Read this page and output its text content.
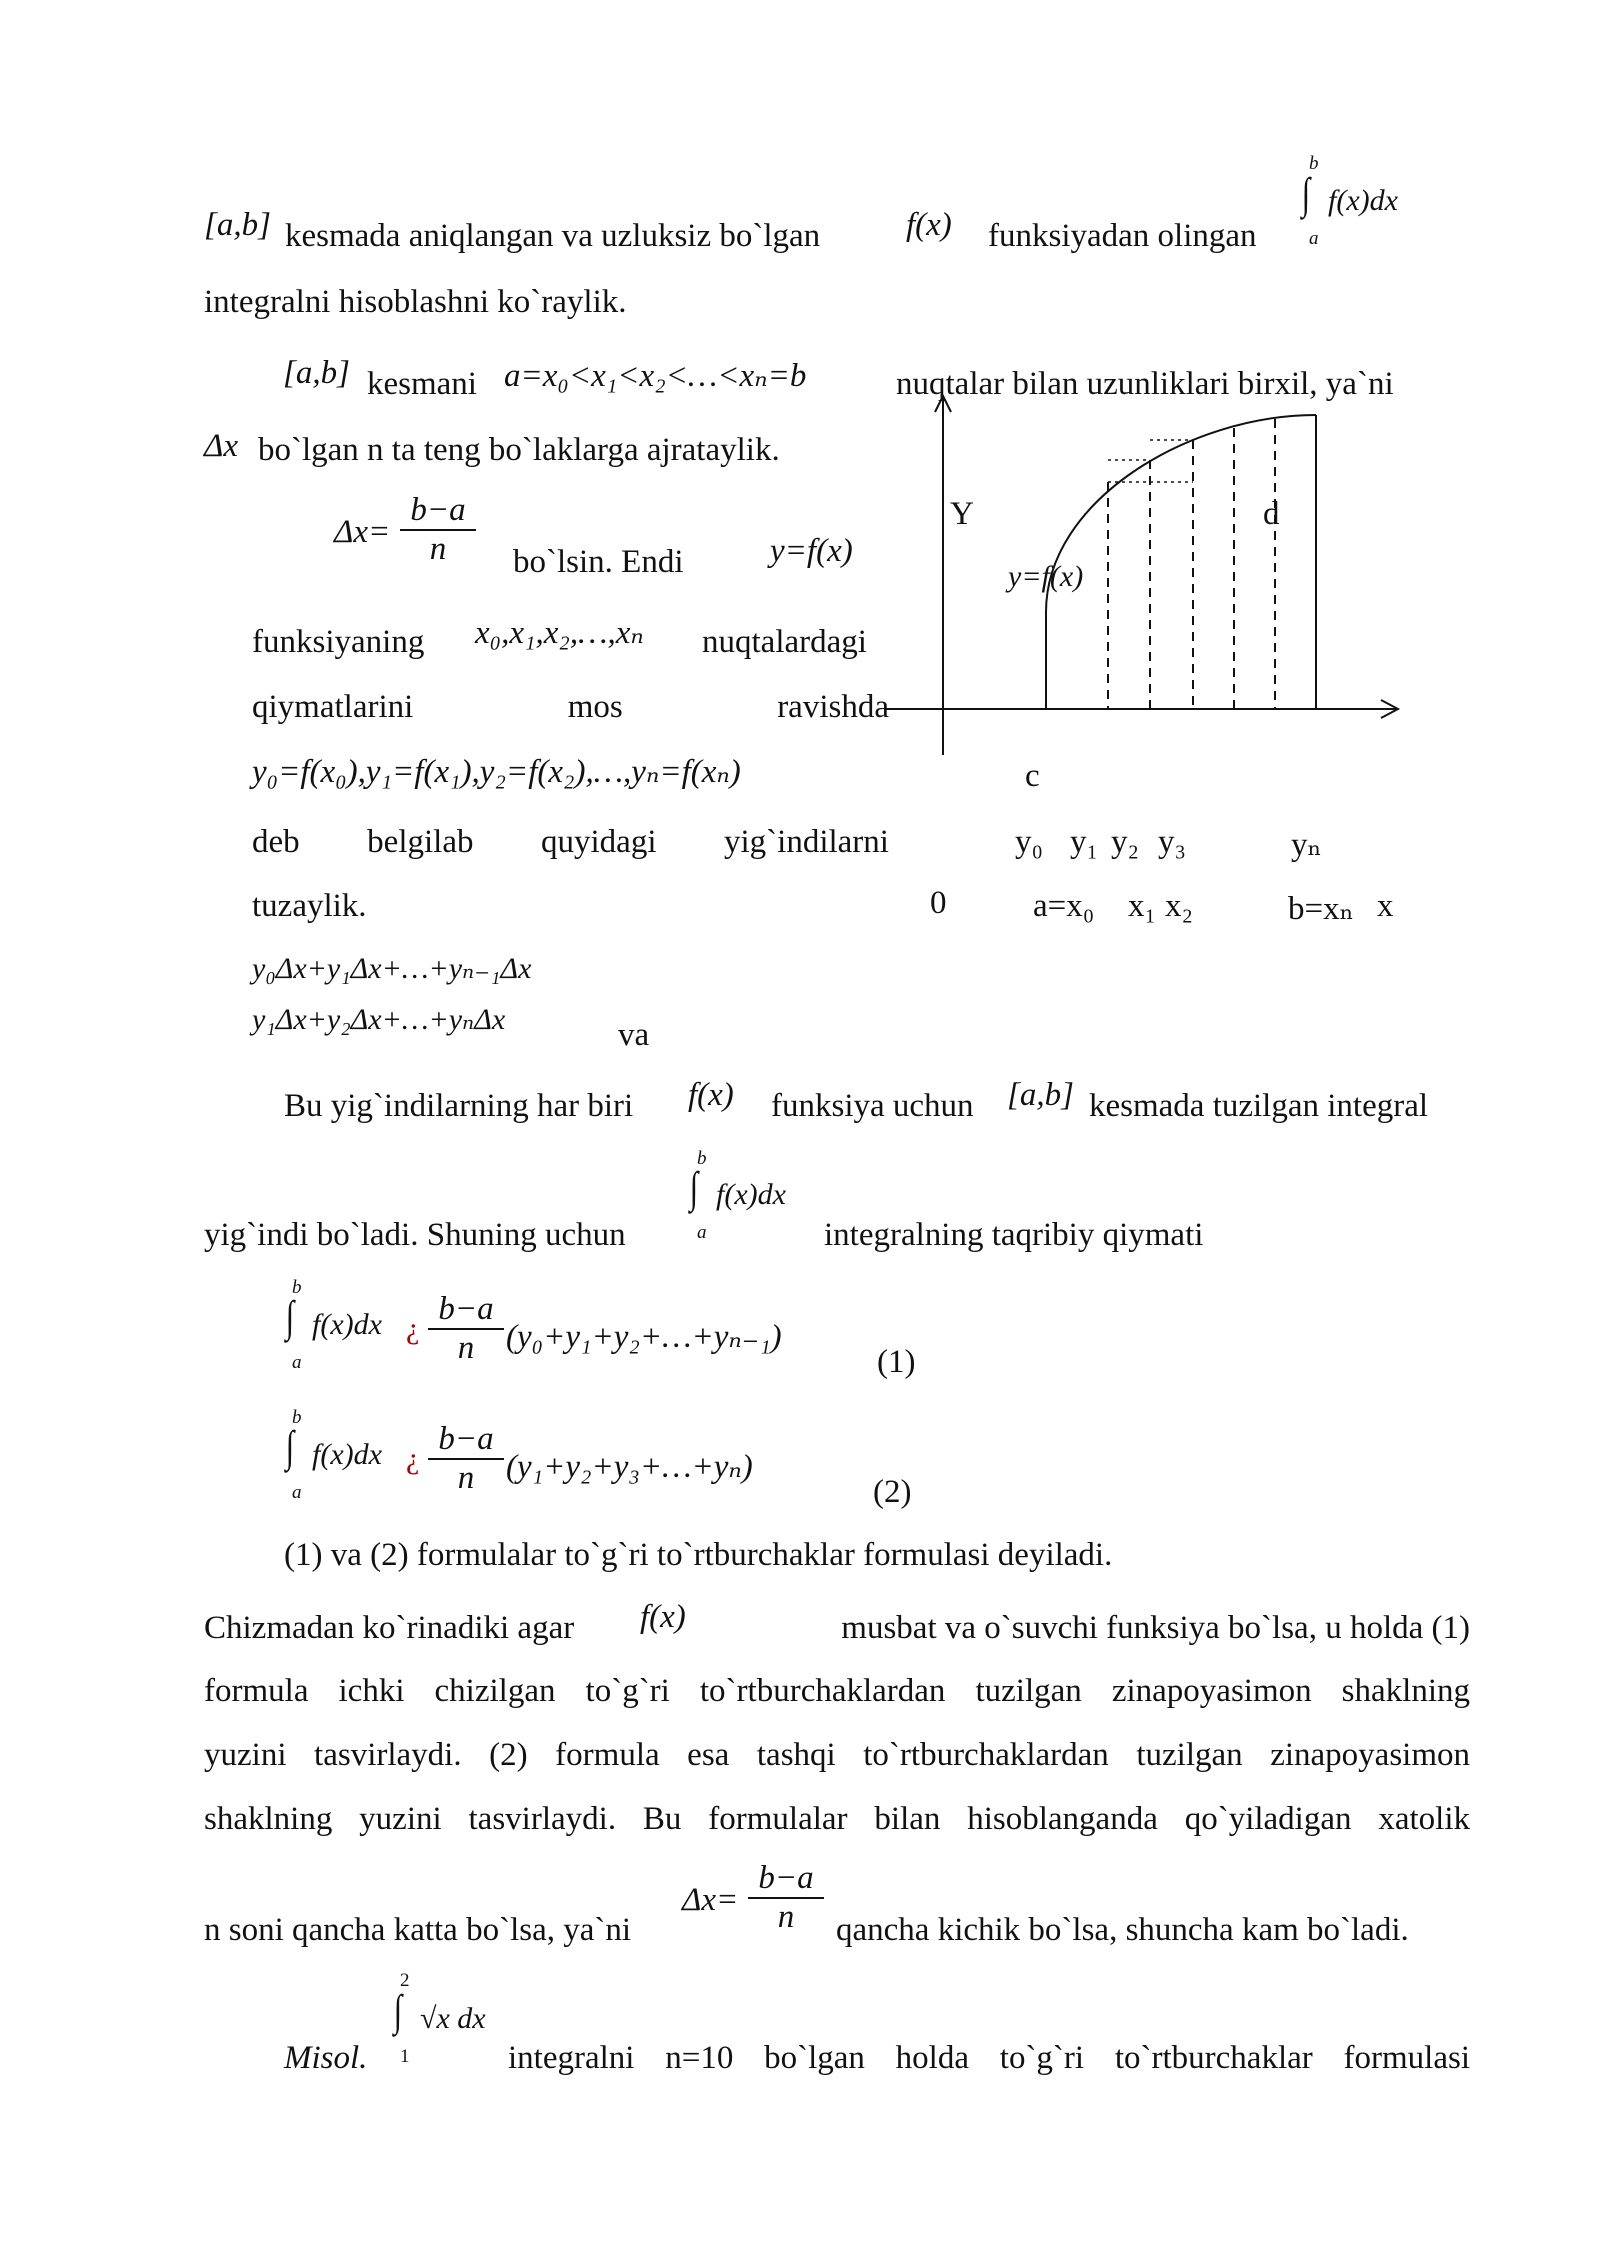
[a,b] kesmada aniqlangan va uzluksiz bo`lgan	f(x) funksiyadan olingan
b
∫ f(x)dx
a
integralni hisoblashni ko`raylik.
[a,b] kesmani a=x₀<x₁<x₂<…<xₙ=b	nuqtalar bilan uzunliklari birxil, ya`ni
Δx bo`lgan n ta teng bo`laklarga ajrataylik.
$\Delta x= \frac{b-a}{n}$ bo`lsin. Endi	y=f(x)
funksiyaning x₀,x₁,x₂,…,xₙ nuqtalardagi
qiymatlarini	mos	ravishda
y₀=f(x₀),y₁=f(x₁),y₂=f(x₂),…,yₙ=f(xₙ)
deb belgilab quyidagi yig`indilarni
tuzaylik.
y₀Δx+y₁Δx+…+yₙ₋₁Δx
y₁Δx+y₂Δx+…+yₙΔx	va
Y	d
y=f(x)
c
y₀ y₁ y₂ y₃	yₙ
0	a=x₀ x₁ x₂	b=xₙ x
Bu yig`indilarning har biri f(x) funksiya uchun [a,b] kesmada tuzilgan integral
yig`indi bo`ladi. Shuning uchun
b
∫ f(x)dx
a	integralning taqribiy qiymati
b
∫ f(x)dx
a
¿ $\frac{b-a}{n}$ (y₀+y₁+y₂+…+yₙ₋₁)
(1)
b
∫ f(x)dx
a
¿ $\frac{b-a}{n}$ (y₁+y₂+y₃+…+yₙ)
(2)
(1) va (2) formulalar to`g`ri to`rtburchaklar formulasi deyiladi.
Chizmadan ko`rinadiki agar f(x)	musbat va o`suvchi funksiya bo`lsa, u holda (1)
formula ichki chizilgan to`g`ri to`rtburchaklardan tuzilgan zinapoyasimon shaklning
yuzini tasvirlaydi. (2) formula esa tashqi to`rtburchaklardan tuzilgan zinapoyasimon
shaklning yuzini tasvirlaydi. Bu formulalar bilan hisoblanganda qo`yiladigan xatolik
n soni qancha katta bo`lsa, ya`ni
$\Delta x= \frac{b-a}{n}$ qancha kichik bo`lsa, shuncha kam bo`ladi.
Misol.
2
∫ √x dx
1	integralni n=10 bo`lgan holda to`g`ri to`rtburchaklar formulasi
